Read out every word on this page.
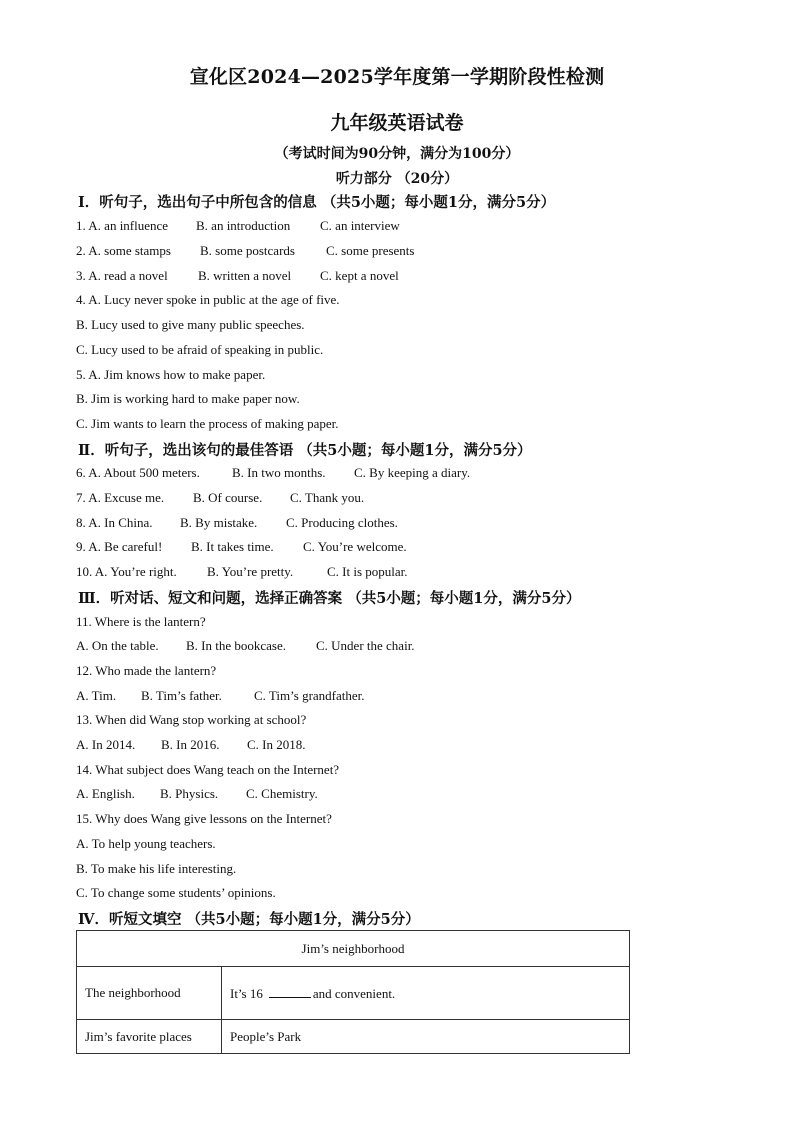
宣化区2024—2025学年度第一学期阶段性检测
九年级英语试卷
（考试时间为90分钟，满分为100分）
听力部分 （20分）
Ⅰ．听句子，选出句子中所包含的信息 （共5小题；每小题1分，满分5分）
1. A. an influence B. an introduction C. an interview
2. A. some stamps B. some postcards C. some presents
3. A. read a novel B. written a novel C. kept a novel
4. A. Lucy never spoke in public at the age of five.
B. Lucy used to give many public speeches.
C. Lucy used to be afraid of speaking in public.
5. A. Jim knows how to make paper.
B. Jim is working hard to make paper now.
C. Jim wants to learn the process of making paper.
Ⅱ．听句子，选出该句的最佳答语 （共5小题；每小题1分，满分5分）
6. A. About 500 meters. B. In two months. C. By keeping a diary.
7. A. Excuse me. B. Of course. C. Thank you.
8. A. In China. B. By mistake. C. Producing clothes.
9. A. Be careful! B. It takes time. C. You’re welcome.
10. A. You’re right. B. You’re pretty.	C. It is popular.
Ⅲ．听对话、短文和问题，选择正确答案 （共5小题；每小题1分，满分5分）
11. Where is the lantern?
A. On the table. B. In the bookcase. C. Under the chair.
12. Who made the lantern?
A. Tim. B. Tim’s father. C. Tim’s grandfather.
13. When did Wang stop working at school?
A. In 2014. B. In 2016. C. In 2018.
14. What subject does Wang teach on the Internet?
A. English. B. Physics. C. Chemistry.
15. Why does Wang give lessons on the Internet?
A. To help young teachers.
B. To make his life interesting.
C. To change some students’ opinions.
Ⅳ．听短文填空 （共5小题；每小题1分，满分5分）
Jim’s neighborhood	
The neighborhood	It’s 16 and convenient.
Jim’s favorite places	People’s Park
